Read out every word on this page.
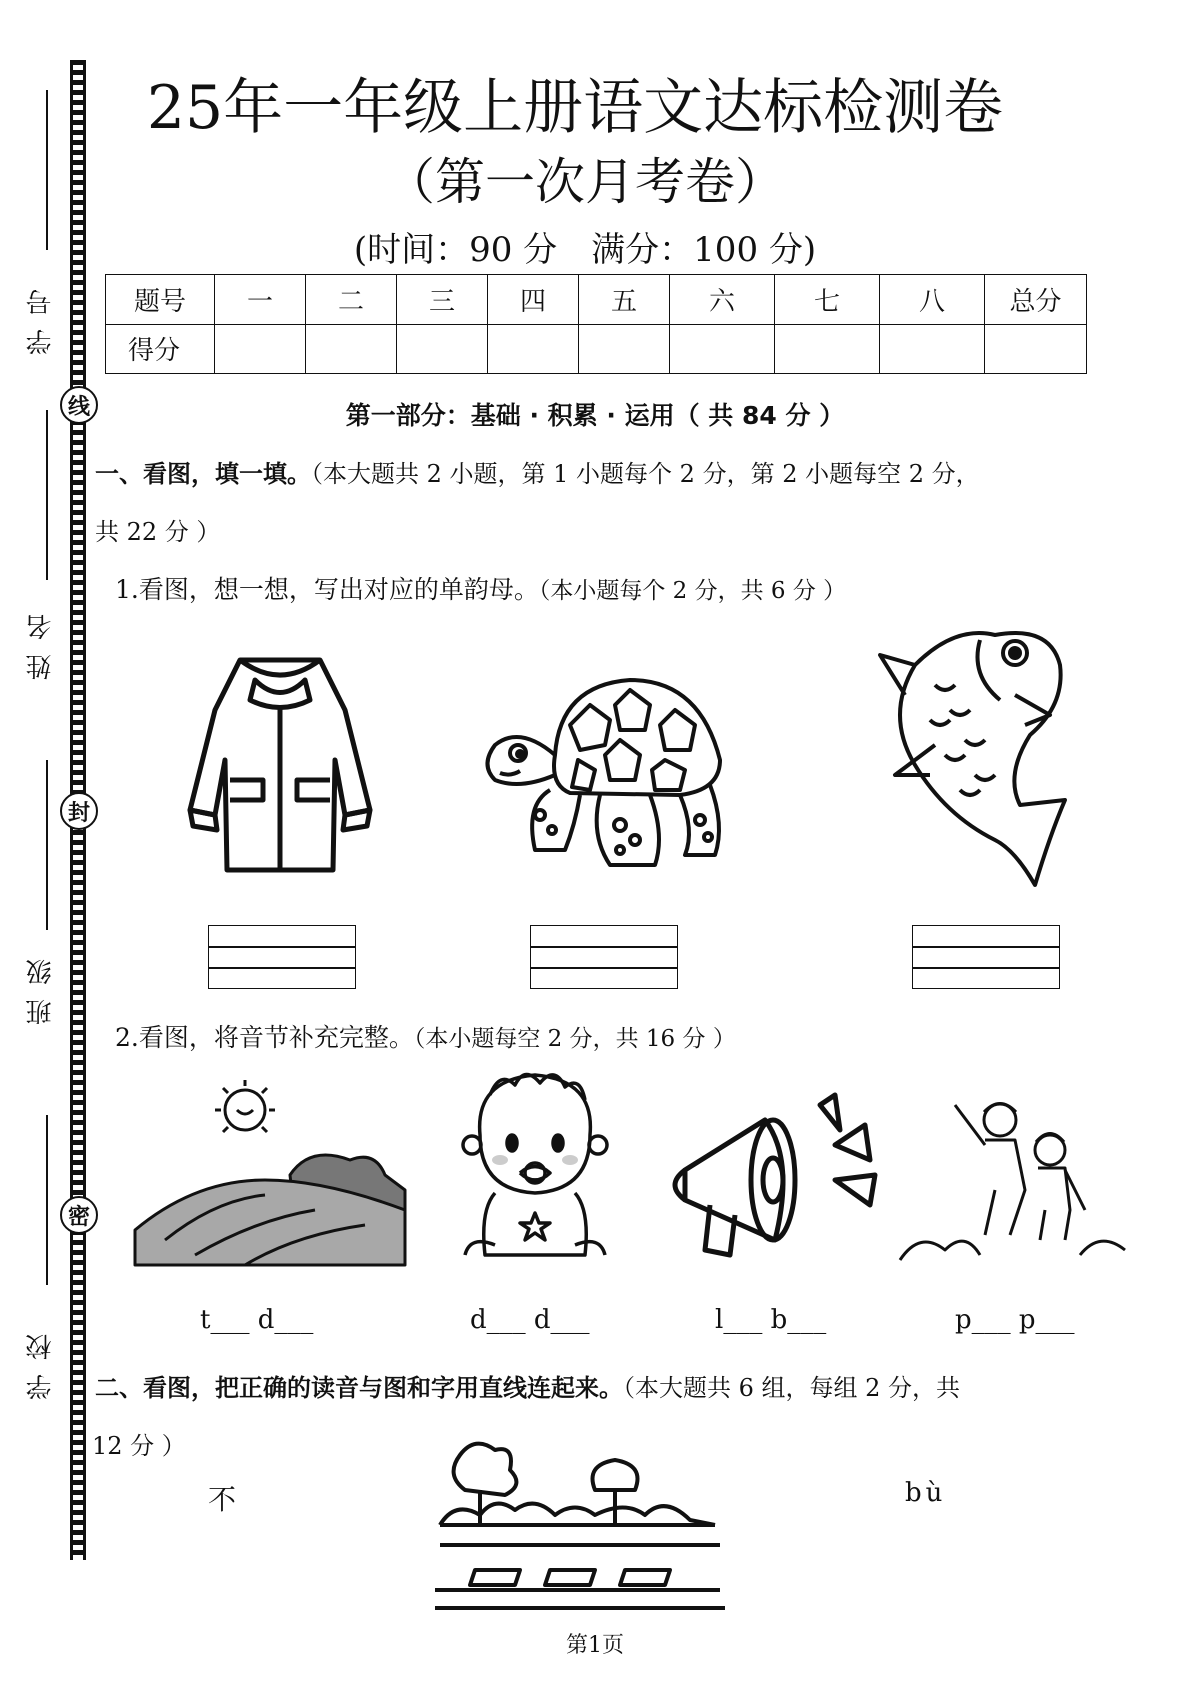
学号
姓名
班级
学校
线
封
密
25年一年级上册语文达标检测卷
（第一次月考卷）
(时间：90 分　满分：100 分)
题号	一	二	三	四	五	六	七	八	总分
得分									
第一部分：基础 · 积累 · 运用（ 共 84 分 ）
一、看图，填一填。（本大题共 2 小题，第 1 小题每个 2 分，第 2 小题每空 2 分，
共 22 分 ）
1.看图，想一想，写出对应的单韵母。（本小题每个 2 分，共 6 分 ）
2.看图，将音节补充完整。（本小题每空 2 分，共 16 分 ）
t___ d___	d___ d___	l___ b___	p___ p___
二、看图，把正确的读音与图和字用直线连起来。（本大题共 6 组，每组 2 分，共
12 分 ）
不	bù
第1页
